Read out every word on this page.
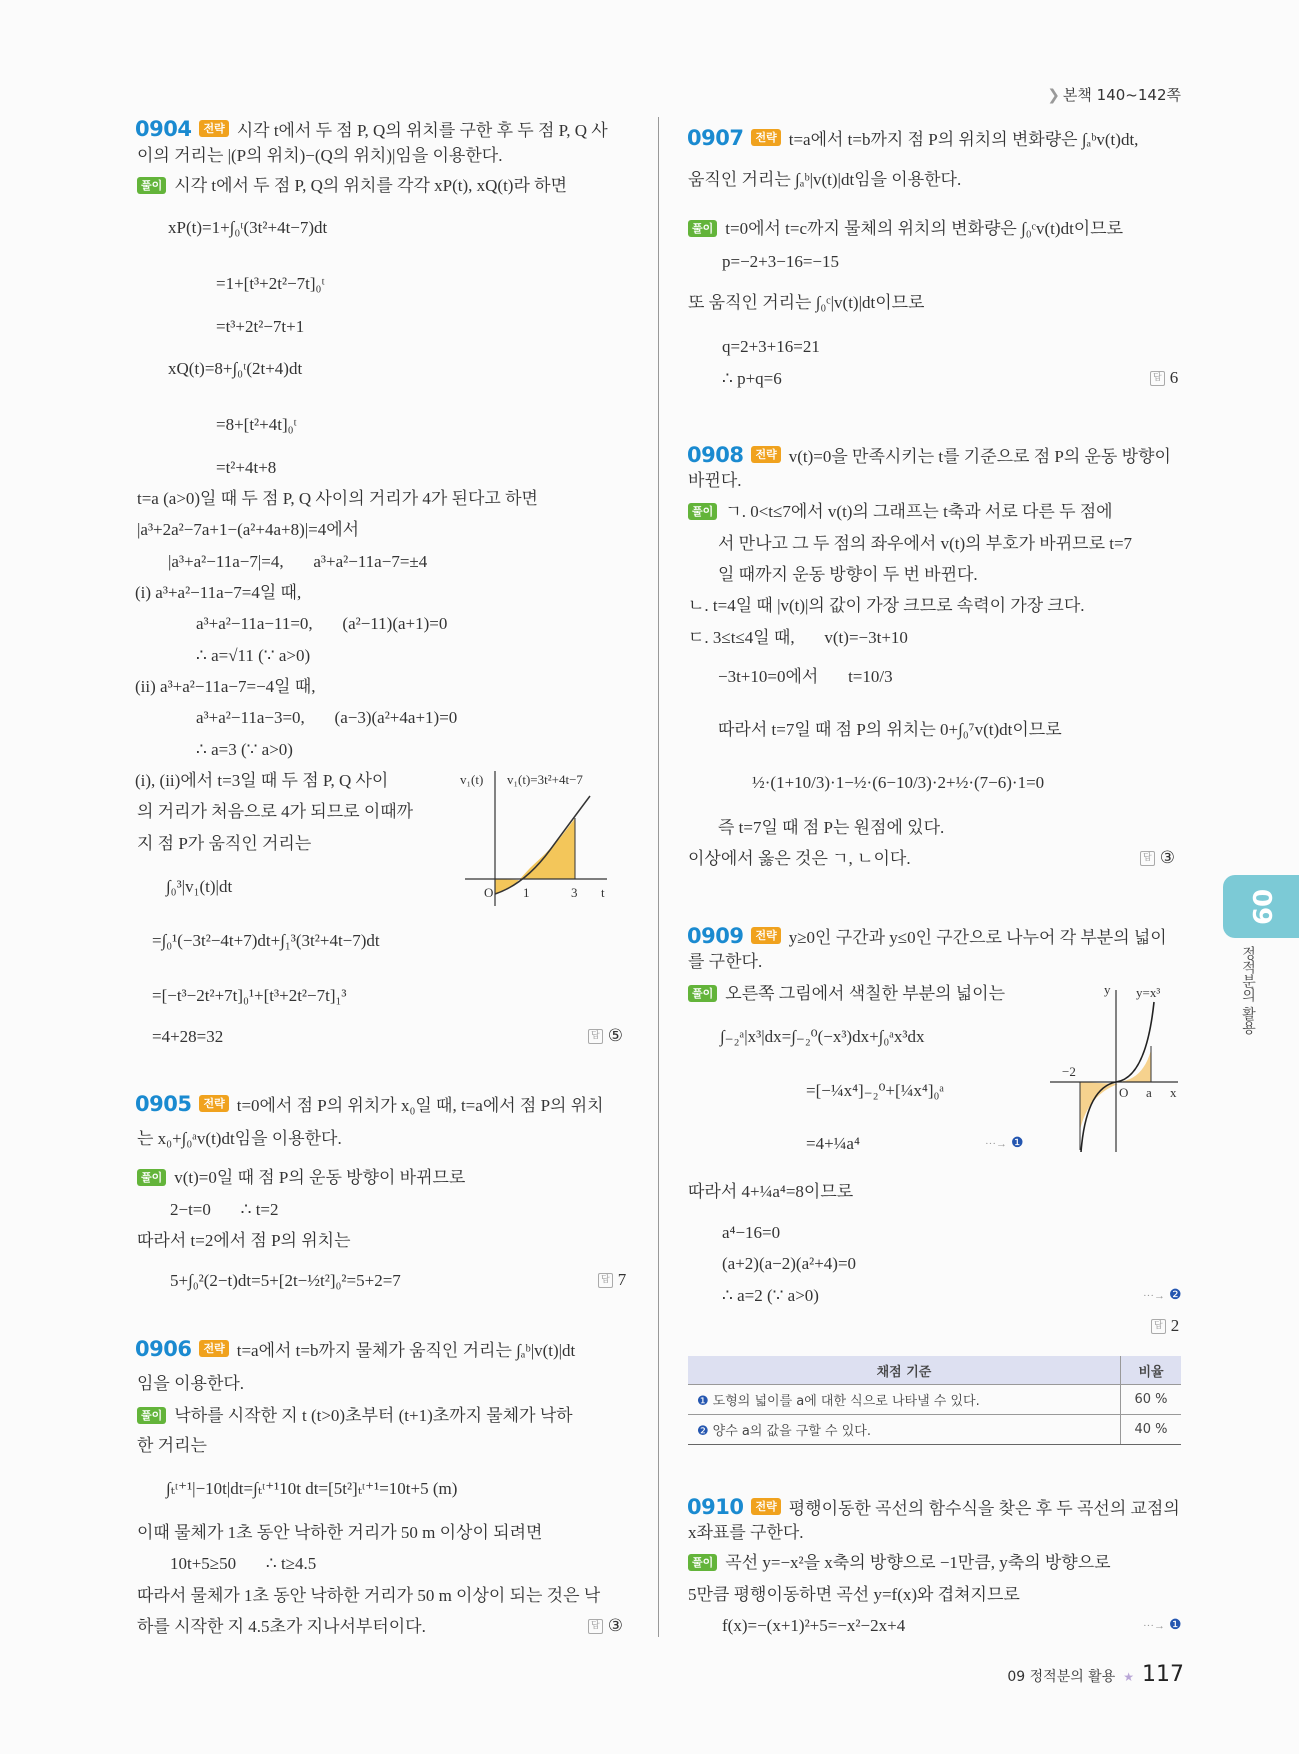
❯ 본책 140~142쪽
0904	전략 시각 t에서 두 점 P, Q의 위치를 구한 후 두 점 P, Q 사
이의 거리는 |(P의 위치)−(Q의 위치)|임을 이용한다.
풀이 시각 t에서 두 점 P, Q의 위치를 각각 xP(t), xQ(t)라 하면
xP(t)=1+∫₀ᵗ(3t²+4t−7)dt
=1+[t³+2t²−7t]₀ᵗ
=t³+2t²−7t+1
xQ(t)=8+∫₀ᵗ(2t+4)dt
=8+[t²+4t]₀ᵗ
=t²+4t+8
t=a (a>0)일 때 두 점 P, Q 사이의 거리가 4가 된다고 하면
|a³+2a²−7a+1−(a²+4a+8)|=4에서
|a³+a²−11a−7|=4,       a³+a²−11a−7=±4
(i) a³+a²−11a−7=4일 때,
a³+a²−11a−11=0,       (a²−11)(a+1)=0
∴ a=√11 (∵ a>0)
(ii) a³+a²−11a−7=−4일 때,
a³+a²−11a−3=0,       (a−3)(a²+4a+1)=0
∴ a=3 (∵ a>0)
(i), (ii)에서 t=3일 때 두 점 P, Q 사이
의 거리가 처음으로 4가 되므로 이때까
지 점 P가 움직인 거리는
∫₀³|v₁(t)|dt
=∫₀¹(−3t²−4t+7)dt+∫₁³(3t²+4t−7)dt
=[−t³−2t²+7t]₀¹+[t³+2t²−7t]₁³
=4+28=32	답 ⑤
v₁(t) v₁(t)=3t²+4t−7
O 1	3 t
0905	전략 t=0에서 점 P의 위치가 x₀일 때, t=a에서 점 P의 위치
는 x₀+∫₀ᵃv(t)dt임을 이용한다.
풀이 v(t)=0일 때 점 P의 운동 방향이 바뀌므로
2−t=0       ∴ t=2
따라서 t=2에서 점 P의 위치는
5+∫₀²(2−t)dt=5+[2t−½t²]₀²=5+2=7	답 7
0906	전략 t=a에서 t=b까지 물체가 움직인 거리는 ∫ₐᵇ|v(t)|dt
임을 이용한다.
풀이 낙하를 시작한 지 t (t>0)초부터 (t+1)초까지 물체가 낙하
한 거리는
∫ₜᵗ⁺¹|−10t|dt=∫ₜᵗ⁺¹10t dt=[5t²]ₜᵗ⁺¹=10t+5 (m)
이때 물체가 1초 동안 낙하한 거리가 50 m 이상이 되려면
10t+5≥50       ∴ t≥4.5
따라서 물체가 1초 동안 낙하한 거리가 50 m 이상이 되는 것은 낙
하를 시작한 지 4.5초가 지나서부터이다.	답 ③
0907	전략 t=a에서 t=b까지 점 P의 위치의 변화량은 ∫ₐᵇv(t)dt,
움직인 거리는 ∫ₐᵇ|v(t)|dt임을 이용한다.
풀이 t=0에서 t=c까지 물체의 위치의 변화량은 ∫₀ᶜv(t)dt이므로
p=−2+3−16=−15
또 움직인 거리는 ∫₀ᶜ|v(t)|dt이므로
q=2+3+16=21
∴ p+q=6	답 6
0908	전략 v(t)=0을 만족시키는 t를 기준으로 점 P의 운동 방향이
바뀐다.
풀이 ㄱ. 0<t≤7에서 v(t)의 그래프는 t축과 서로 다른 두 점에
서 만나고 그 두 점의 좌우에서 v(t)의 부호가 바뀌므로 t=7
일 때까지 운동 방향이 두 번 바뀐다.
ㄴ. t=4일 때 |v(t)|의 값이 가장 크므로 속력이 가장 크다.
ㄷ. 3≤t≤4일 때,       v(t)=−3t+10
−3t+10=0에서       t=10/3
따라서 t=7일 때 점 P의 위치는 0+∫₀⁷v(t)dt이므로
½·(1+10/3)·1−½·(6−10/3)·2+½·(7−6)·1=0
즉 t=7일 때 점 P는 원점에 있다.
이상에서 옳은 것은 ㄱ, ㄴ이다.	답 ③
0909	전략 y≥0인 구간과 y≤0인 구간으로 나누어 각 부분의 넓이
를 구한다.
풀이 오른쪽 그림에서 색칠한 부분의 넓이는
∫₋₂ᵃ|x³|dx=∫₋₂⁰(−x³)dx+∫₀ᵃx³dx
=[−¼x⁴]₋₂⁰+[¼x⁴]₀ᵃ
=4+¼a⁴	···→ ❶
따라서 4+¼a⁴=8이므로
a⁴−16=0
(a+2)(a−2)(a²+4)=0
∴ a=2 (∵ a>0)	···→ ❷
답 2
y y=x³
−2
O a x
채점 기준	비율
❶ 도형의 넓이를 a에 대한 식으로 나타낼 수 있다.	60 %
❷ 양수 a의 값을 구할 수 있다.	40 %
0910	전략 평행이동한 곡선의 함수식을 찾은 후 두 곡선의 교점의
x좌표를 구한다.
풀이 곡선 y=−x²을 x축의 방향으로 −1만큼, y축의 방향으로
5만큼 평행이동하면 곡선 y=f(x)와 겹쳐지므로
f(x)=−(x+1)²+5=−x²−2x+4	···→ ❶
09
정적분의 활용
09 정적분의 활용 ★ 117
